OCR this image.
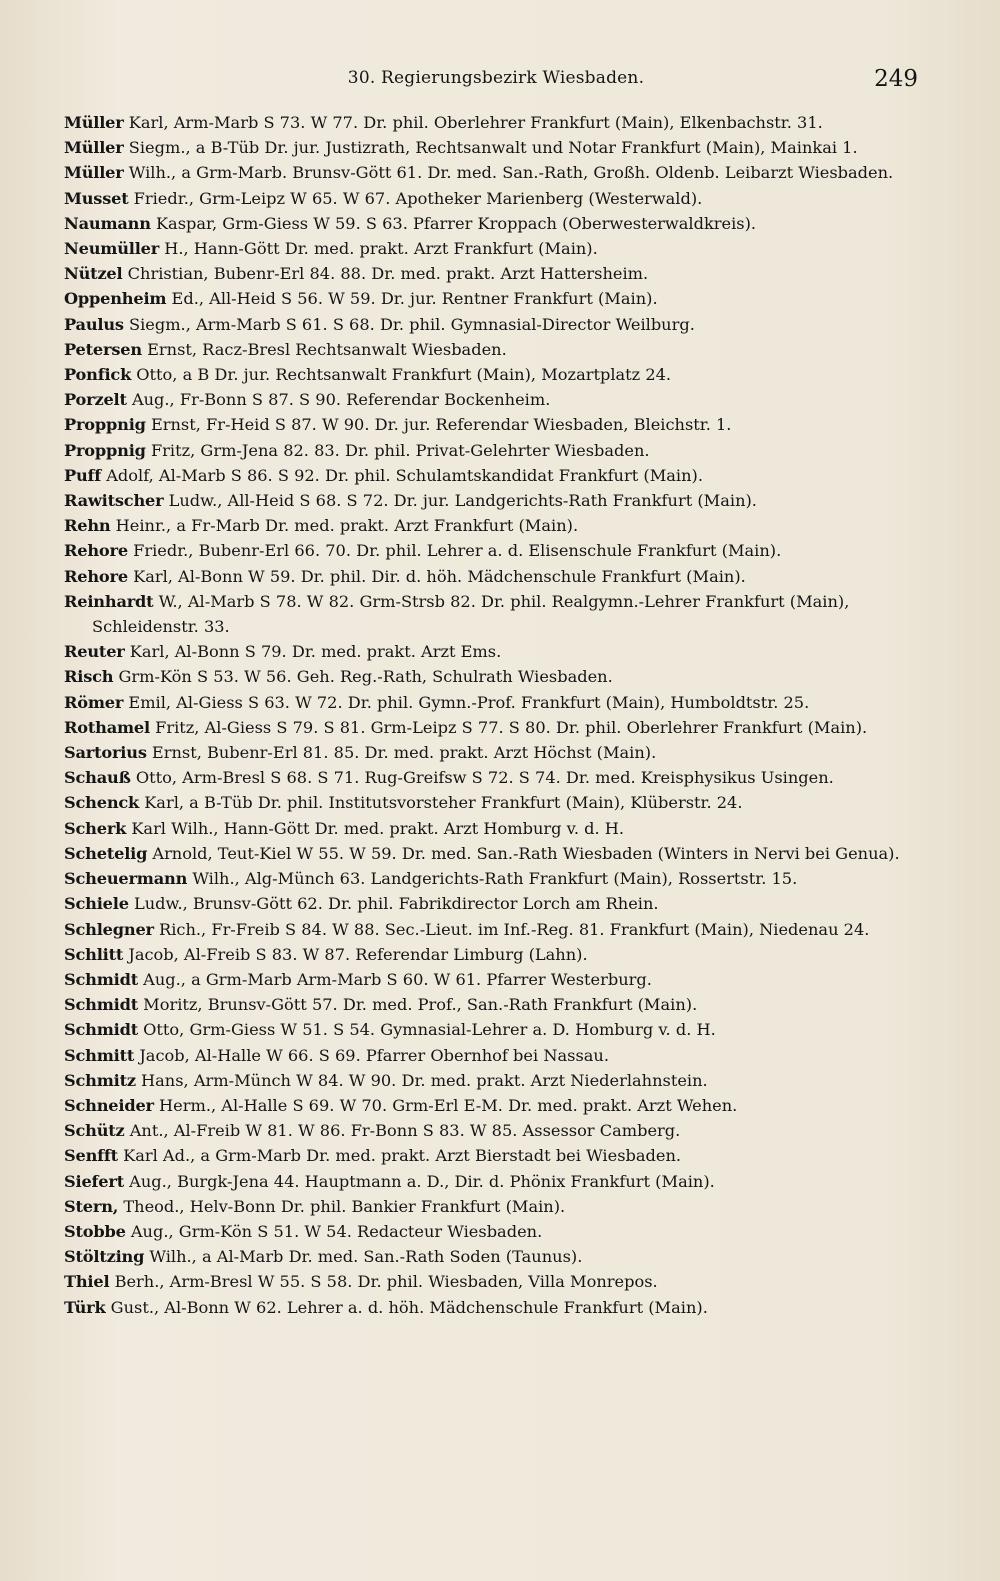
30. Regierungsbezirk Wiesbaden.	249
Müller Karl, Arm-Marb S 73. W 77. Dr. phil. Oberlehrer Frankfurt (Main), Elkenbachstr. 31.
Müller Siegm., a B-Tüb Dr. jur. Justizrath, Rechtsanwalt und Notar Frankfurt (Main), Mainkai 1.
Müller Wilh., a Grm-Marb. Brunsv-Gött 61. Dr. med. San.-Rath, Großh. Oldenb. Leibarzt Wiesbaden.
Musset Friedr., Grm-Leipz W 65. W 67. Apotheker Marienberg (Westerwald).
Naumann Kaspar, Grm-Giess W 59. S 63. Pfarrer Kroppach (Oberwesterwaldkreis).
Neumüller H., Hann-Gött Dr. med. prakt. Arzt Frankfurt (Main).
Nützel Christian, Bubenr-Erl 84. 88. Dr. med. prakt. Arzt Hattersheim.
Oppenheim Ed., All-Heid S 56. W 59. Dr. jur. Rentner Frankfurt (Main).
Paulus Siegm., Arm-Marb S 61. S 68. Dr. phil. Gymnasial-Director Weilburg.
Petersen Ernst, Racz-Bresl Rechtsanwalt Wiesbaden.
Ponfick Otto, a B Dr. jur. Rechtsanwalt Frankfurt (Main), Mozartplatz 24.
Porzelt Aug., Fr-Bonn S 87. S 90. Referendar Bockenheim.
Proppnig Ernst, Fr-Heid S 87. W 90. Dr. jur. Referendar Wiesbaden, Bleichstr. 1.
Proppnig Fritz, Grm-Jena 82. 83. Dr. phil. Privat-Gelehrter Wiesbaden.
Puff Adolf, Al-Marb S 86. S 92. Dr. phil. Schulamtskandidat Frankfurt (Main).
Rawitscher Ludw., All-Heid S 68. S 72. Dr. jur. Landgerichts-Rath Frankfurt (Main).
Rehn Heinr., a Fr-Marb Dr. med. prakt. Arzt Frankfurt (Main).
Rehore Friedr., Bubenr-Erl 66. 70. Dr. phil. Lehrer a. d. Elisenschule Frankfurt (Main).
Rehore Karl, Al-Bonn W 59. Dr. phil. Dir. d. höh. Mädchenschule Frankfurt (Main).
Reinhardt W., Al-Marb S 78. W 82. Grm-Strsb 82. Dr. phil. Realgymn.-Lehrer Frankfurt (Main), Schleidenstr. 33.
Reuter Karl, Al-Bonn S 79. Dr. med. prakt. Arzt Ems.
Risch Grm-Kön S 53. W 56. Geh. Reg.-Rath, Schulrath Wiesbaden.
Römer Emil, Al-Giess S 63. W 72. Dr. phil. Gymn.-Prof. Frankfurt (Main), Humboldtstr. 25.
Rothamel Fritz, Al-Giess S 79. S 81. Grm-Leipz S 77. S 80. Dr. phil. Oberlehrer Frankfurt (Main).
Sartorius Ernst, Bubenr-Erl 81. 85. Dr. med. prakt. Arzt Höchst (Main).
Schauß Otto, Arm-Bresl S 68. S 71. Rug-Greifsw S 72. S 74. Dr. med. Kreisphysikus Usingen.
Schenck Karl, a B-Tüb Dr. phil. Institutsvorsteher Frankfurt (Main), Klüberstr. 24.
Scherk Karl Wilh., Hann-Gött Dr. med. prakt. Arzt Homburg v. d. H.
Schetelig Arnold, Teut-Kiel W 55. W 59. Dr. med. San.-Rath Wiesbaden (Winters in Nervi bei Genua).
Scheuermann Wilh., Alg-Münch 63. Landgerichts-Rath Frankfurt (Main), Rossertstr. 15.
Schiele Ludw., Brunsv-Gött 62. Dr. phil. Fabrikdirector Lorch am Rhein.
Schlegner Rich., Fr-Freib S 84. W 88. Sec.-Lieut. im Inf.-Reg. 81. Frankfurt (Main), Niedenau 24.
Schlitt Jacob, Al-Freib S 83. W 87. Referendar Limburg (Lahn).
Schmidt Aug., a Grm-Marb Arm-Marb S 60. W 61. Pfarrer Westerburg.
Schmidt Moritz, Brunsv-Gött 57. Dr. med. Prof., San.-Rath Frankfurt (Main).
Schmidt Otto, Grm-Giess W 51. S 54. Gymnasial-Lehrer a. D. Homburg v. d. H.
Schmitt Jacob, Al-Halle W 66. S 69. Pfarrer Obernhof bei Nassau.
Schmitz Hans, Arm-Münch W 84. W 90. Dr. med. prakt. Arzt Niederlahnstein.
Schneider Herm., Al-Halle S 69. W 70. Grm-Erl E-M. Dr. med. prakt. Arzt Wehen.
Schütz Ant., Al-Freib W 81. W 86. Fr-Bonn S 83. W 85. Assessor Camberg.
Senfft Karl Ad., a Grm-Marb Dr. med. prakt. Arzt Bierstadt bei Wiesbaden.
Siefert Aug., Burgk-Jena 44. Hauptmann a. D., Dir. d. Phönix Frankfurt (Main).
Stern, Theod., Helv-Bonn Dr. phil. Bankier Frankfurt (Main).
Stobbe Aug., Grm-Kön S 51. W 54. Redacteur Wiesbaden.
Stöltzing Wilh., a Al-Marb Dr. med. San.-Rath Soden (Taunus).
Thiel Berh., Arm-Bresl W 55. S 58. Dr. phil. Wiesbaden, Villa Monrepos.
Türk Gust., Al-Bonn W 62. Lehrer a. d. höh. Mädchenschule Frankfurt (Main).
